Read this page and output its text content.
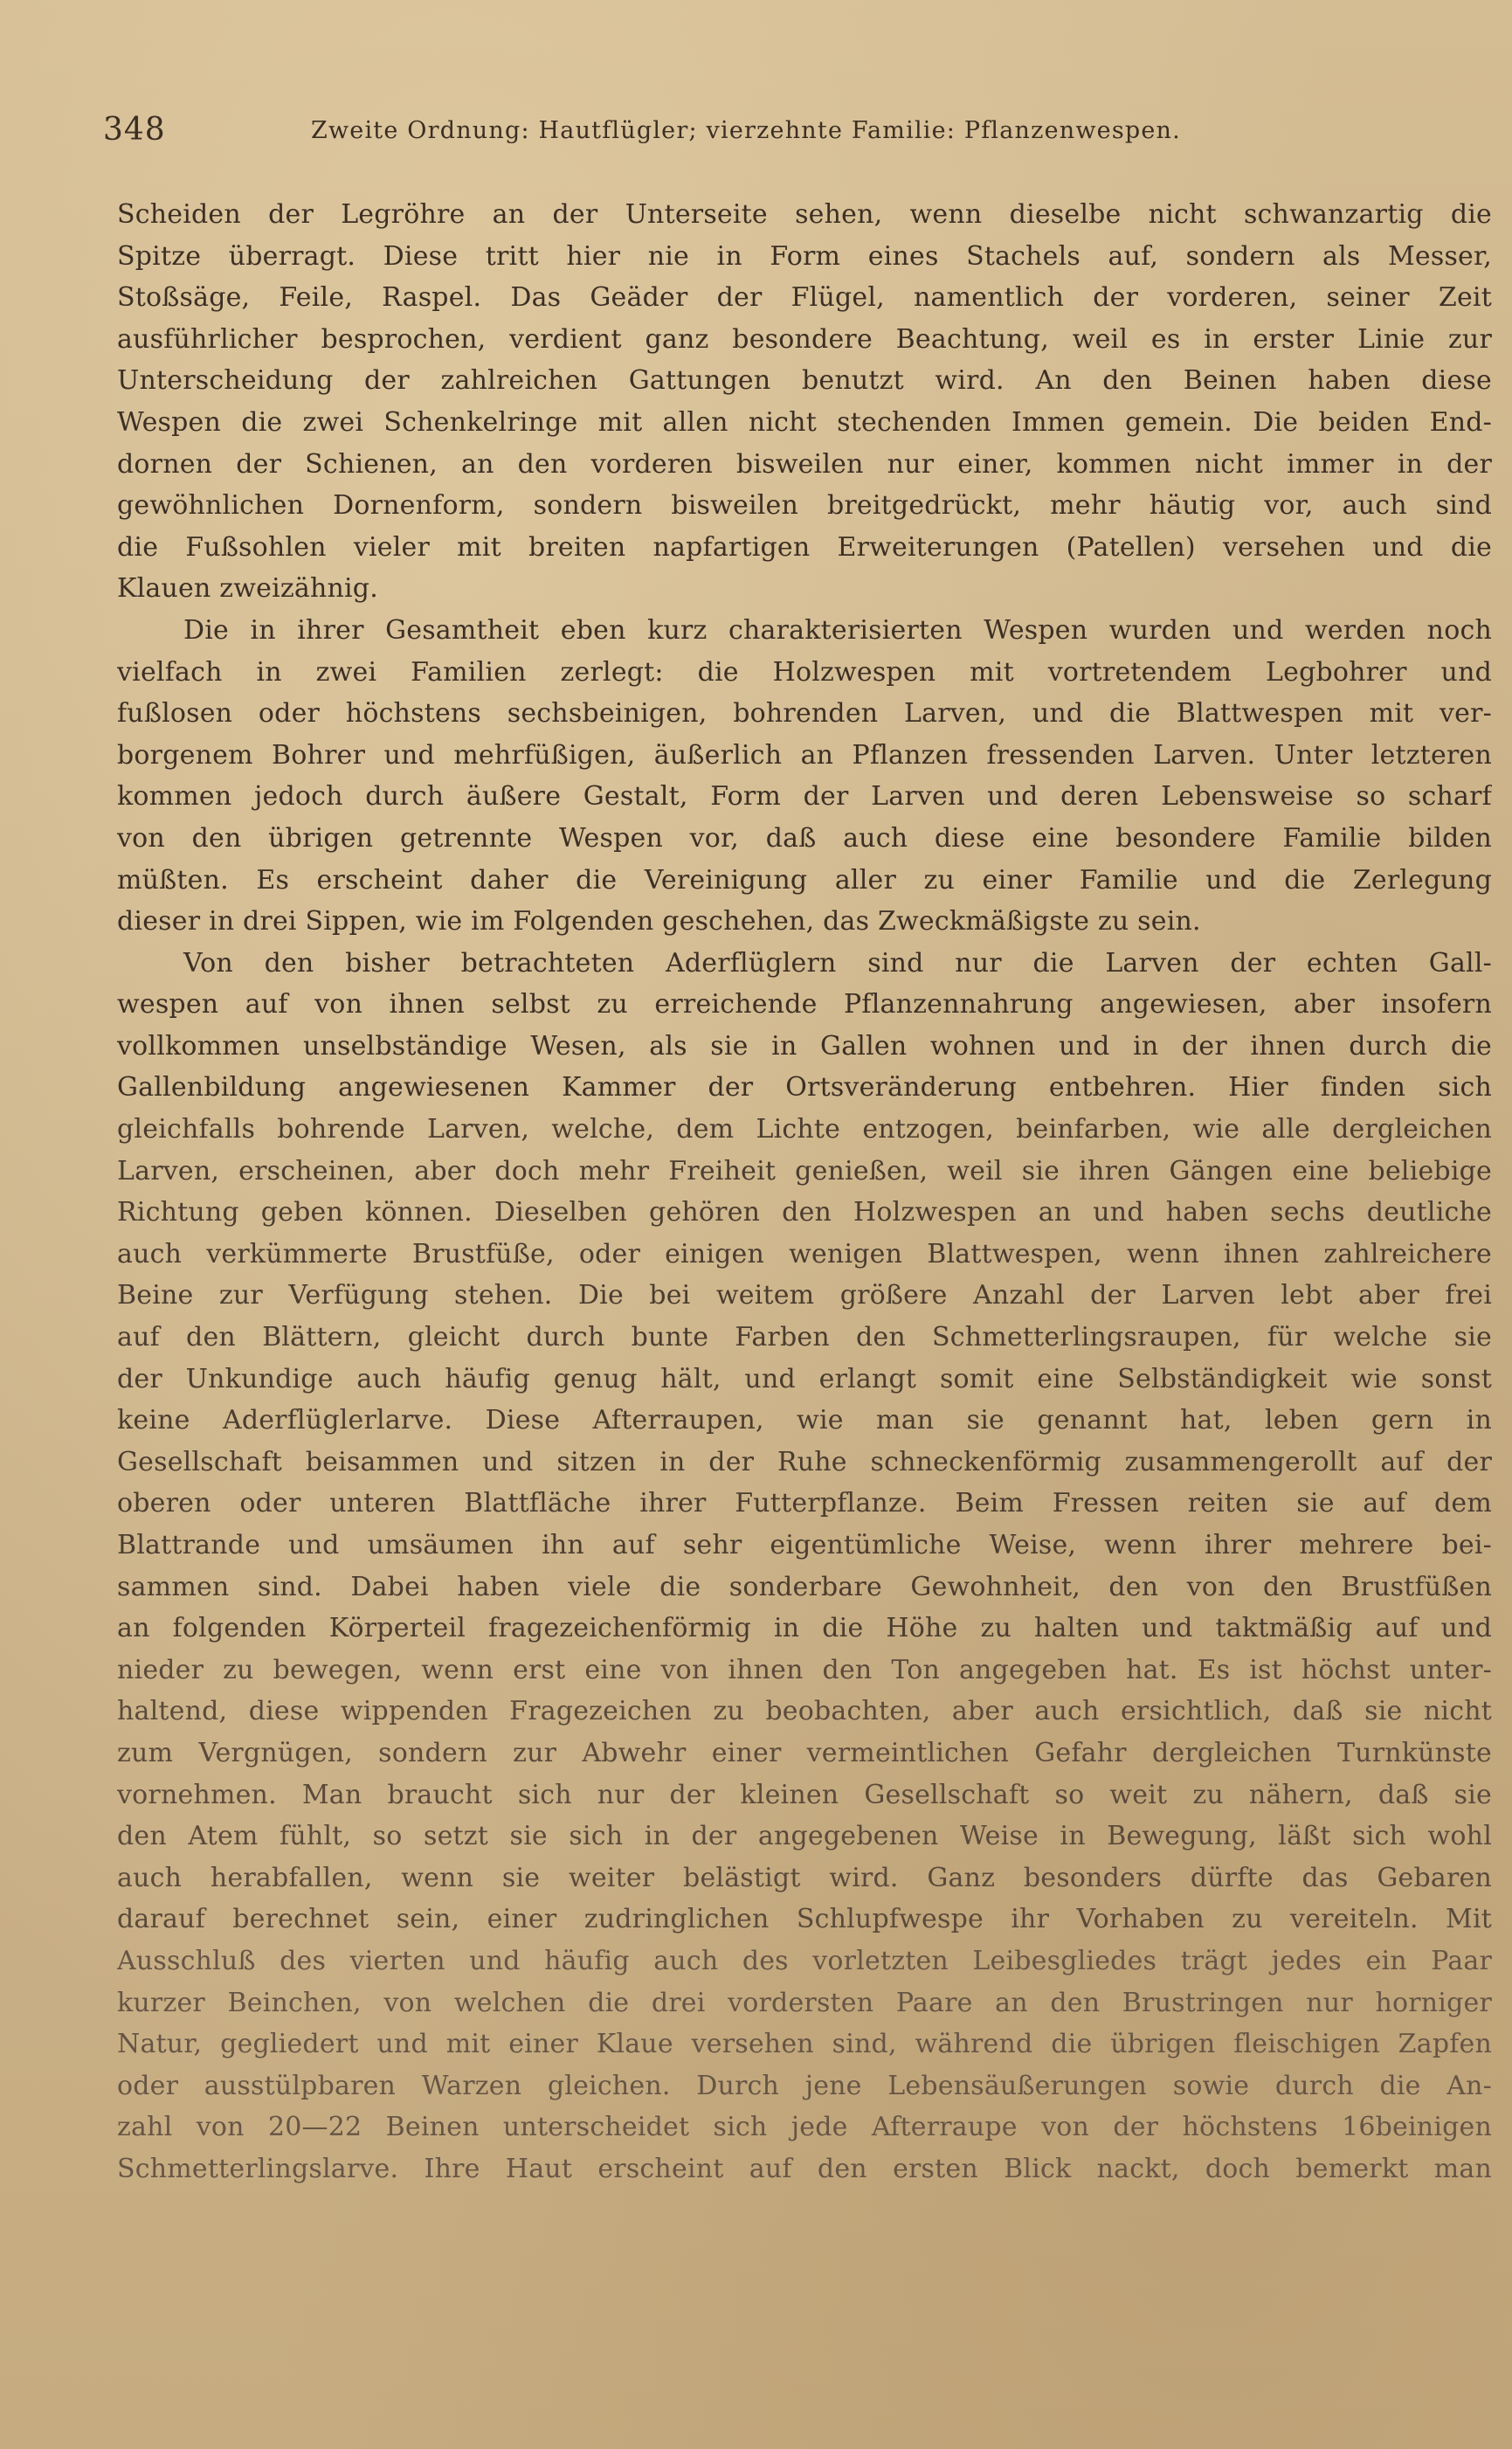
348	Zweite Ordnung: Hautflügler; vierzehnte Familie: Pflanzenwespen.
Scheiden der Legröhre an der Unterseite sehen, wenn dieselbe nicht schwanzartig die
Spitze überragt. Diese tritt hier nie in Form eines Stachels auf, sondern als Messer,
Stoßsäge, Feile, Raspel. Das Geäder der Flügel, namentlich der vorderen, seiner Zeit
ausführlicher besprochen, verdient ganz besondere Beachtung, weil es in erster Linie zur
Unterscheidung der zahlreichen Gattungen benutzt wird. An den Beinen haben diese
Wespen die zwei Schenkelringe mit allen nicht stechenden Immen gemein. Die beiden End-
dornen der Schienen, an den vorderen bisweilen nur einer, kommen nicht immer in der
gewöhnlichen Dornenform, sondern bisweilen breitgedrückt, mehr häutig vor, auch sind
die Fußsohlen vieler mit breiten napfartigen Erweiterungen (Patellen) versehen und die
Klauen zweizähnig.
Die in ihrer Gesamtheit eben kurz charakterisierten Wespen wurden und werden noch
vielfach in zwei Familien zerlegt: die Holzwespen mit vortretendem Legbohrer und
fußlosen oder höchstens sechsbeinigen, bohrenden Larven, und die Blattwespen mit ver-
borgenem Bohrer und mehrfüßigen, äußerlich an Pflanzen fressenden Larven. Unter letzteren
kommen jedoch durch äußere Gestalt, Form der Larven und deren Lebensweise so scharf
von den übrigen getrennte Wespen vor, daß auch diese eine besondere Familie bilden
müßten. Es erscheint daher die Vereinigung aller zu einer Familie und die Zerlegung
dieser in drei Sippen, wie im Folgenden geschehen, das Zweckmäßigste zu sein.
Von den bisher betrachteten Aderflüglern sind nur die Larven der echten Gall-
wespen auf von ihnen selbst zu erreichende Pflanzennahrung angewiesen, aber insofern
vollkommen unselbständige Wesen, als sie in Gallen wohnen und in der ihnen durch die
Gallenbildung angewiesenen Kammer der Ortsveränderung entbehren. Hier finden sich
gleichfalls bohrende Larven, welche, dem Lichte entzogen, beinfarben, wie alle dergleichen
Larven, erscheinen, aber doch mehr Freiheit genießen, weil sie ihren Gängen eine beliebige
Richtung geben können. Dieselben gehören den Holzwespen an und haben sechs deutliche
auch verkümmerte Brustfüße, oder einigen wenigen Blattwespen, wenn ihnen zahlreichere
Beine zur Verfügung stehen. Die bei weitem größere Anzahl der Larven lebt aber frei
auf den Blättern, gleicht durch bunte Farben den Schmetterlingsraupen, für welche sie
der Unkundige auch häufig genug hält, und erlangt somit eine Selbständigkeit wie sonst
keine Aderflüglerlarve. Diese Afterraupen, wie man sie genannt hat, leben gern in
Gesellschaft beisammen und sitzen in der Ruhe schneckenförmig zusammengerollt auf der
oberen oder unteren Blattfläche ihrer Futterpflanze. Beim Fressen reiten sie auf dem
Blattrande und umsäumen ihn auf sehr eigentümliche Weise, wenn ihrer mehrere bei-
sammen sind. Dabei haben viele die sonderbare Gewohnheit, den von den Brustfüßen
an folgenden Körperteil fragezeichenförmig in die Höhe zu halten und taktmäßig auf und
nieder zu bewegen, wenn erst eine von ihnen den Ton angegeben hat. Es ist höchst unter-
haltend, diese wippenden Fragezeichen zu beobachten, aber auch ersichtlich, daß sie nicht
zum Vergnügen, sondern zur Abwehr einer vermeintlichen Gefahr dergleichen Turnkünste
vornehmen. Man braucht sich nur der kleinen Gesellschaft so weit zu nähern, daß sie
den Atem fühlt, so setzt sie sich in der angegebenen Weise in Bewegung, läßt sich wohl
auch herabfallen, wenn sie weiter belästigt wird. Ganz besonders dürfte das Gebaren
darauf berechnet sein, einer zudringlichen Schlupfwespe ihr Vorhaben zu vereiteln. Mit
Ausschluß des vierten und häufig auch des vorletzten Leibesgliedes trägt jedes ein Paar
kurzer Beinchen, von welchen die drei vordersten Paare an den Brustringen nur horniger
Natur, gegliedert und mit einer Klaue versehen sind, während die übrigen fleischigen Zapfen
oder ausstülpbaren Warzen gleichen. Durch jene Lebensäußerungen sowie durch die An-
zahl von 20—22 Beinen unterscheidet sich jede Afterraupe von der höchstens 16beinigen
Schmetterlingslarve. Ihre Haut erscheint auf den ersten Blick nackt, doch bemerkt man
